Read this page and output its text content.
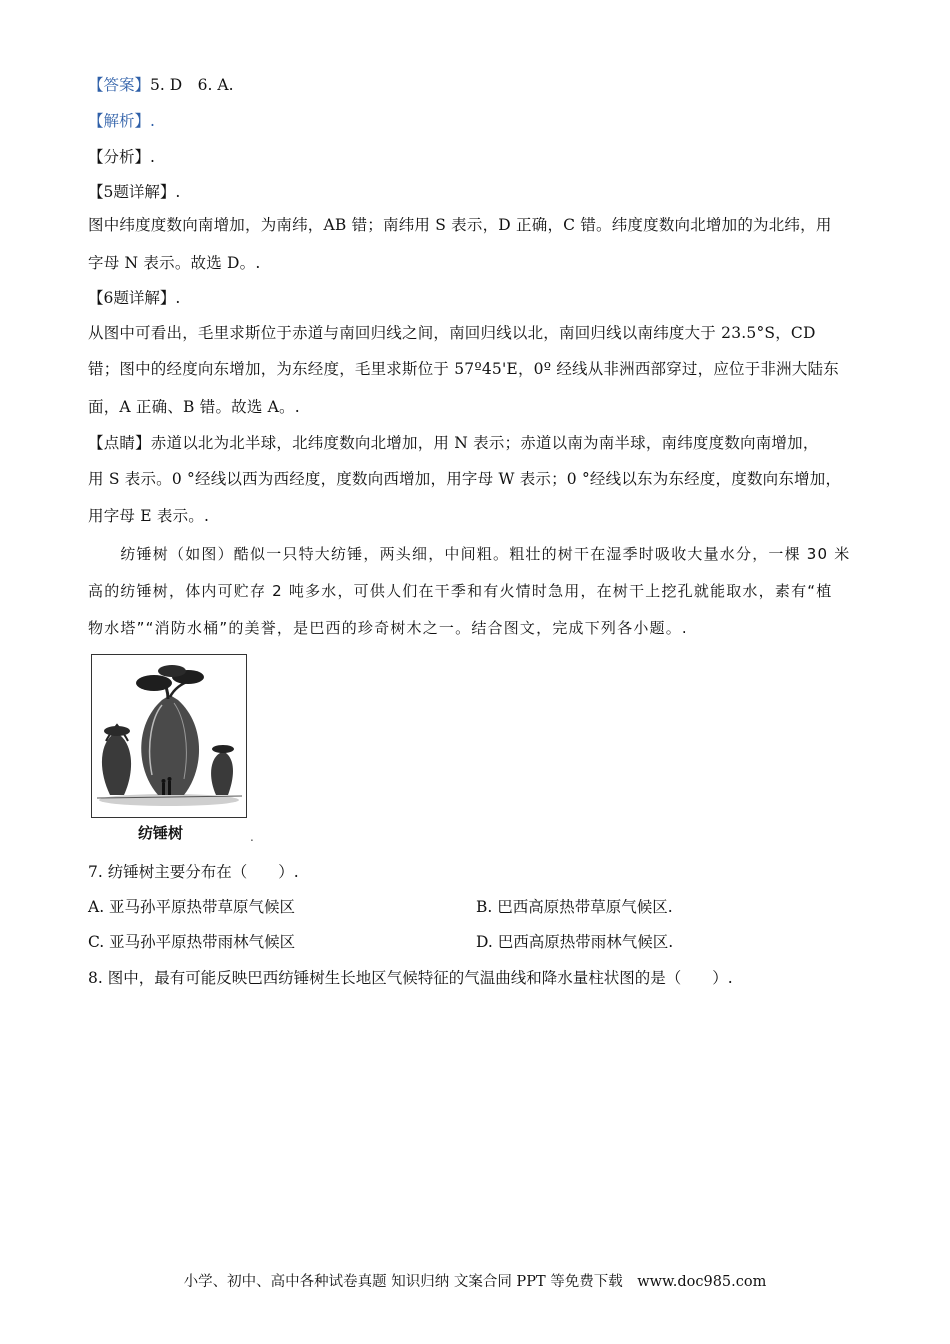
【答案】5. D　6. A.
【解析】.
【分析】.
【5题详解】.
图中纬度度数向南增加，为南纬，AB 错；南纬用 S 表示，D 正确，C 错。纬度度数向北增加的为北纬，用
字母 N 表示。故选 D。.
【6题详解】.
从图中可看出，毛里求斯位于赤道与南回归线之间，南回归线以北，南回归线以南纬度大于 23.5°S，CD
错；图中的经度向东增加，为东经度，毛里求斯位于 57º45'E，0º 经线从非洲西部穿过，应位于非洲大陆东
面，A 正确、B 错。故选 A。.
【点睛】赤道以北为北半球，北纬度数向北增加，用 N 表示；赤道以南为南半球，南纬度度数向南增加，
用 S 表示。0 °经线以西为西经度，度数向西增加，用字母 W 表示；0 °经线以东为东经度，度数向东增加，
用字母 E 表示。.
　　纺锤树（如图）酷似一只特大纺锤，两头细，中间粗。粗壮的树干在湿季时吸收大量水分，一棵 30 米
高的纺锤树，体内可贮存 2 吨多水，可供人们在干季和有火情时急用，在树干上挖孔就能取水，素有“植
物水塔”“消防水桶”的美誉，是巴西的珍奇树木之一。结合图文，完成下列各小题。.
纺锤树	.
7. 纺锤树主要分布在（　　）.
A. 亚马孙平原热带草原气候区	B. 巴西高原热带草原气候区.
C. 亚马孙平原热带雨林气候区	D. 巴西高原热带雨林气候区.
8. 图中，最有可能反映巴西纺锤树生长地区气候特征的气温曲线和降水量柱状图的是（　　）.
小学、初中、高中各种试卷真题 知识归纳 文案合同 PPT 等免费下载　www.doc985.com
